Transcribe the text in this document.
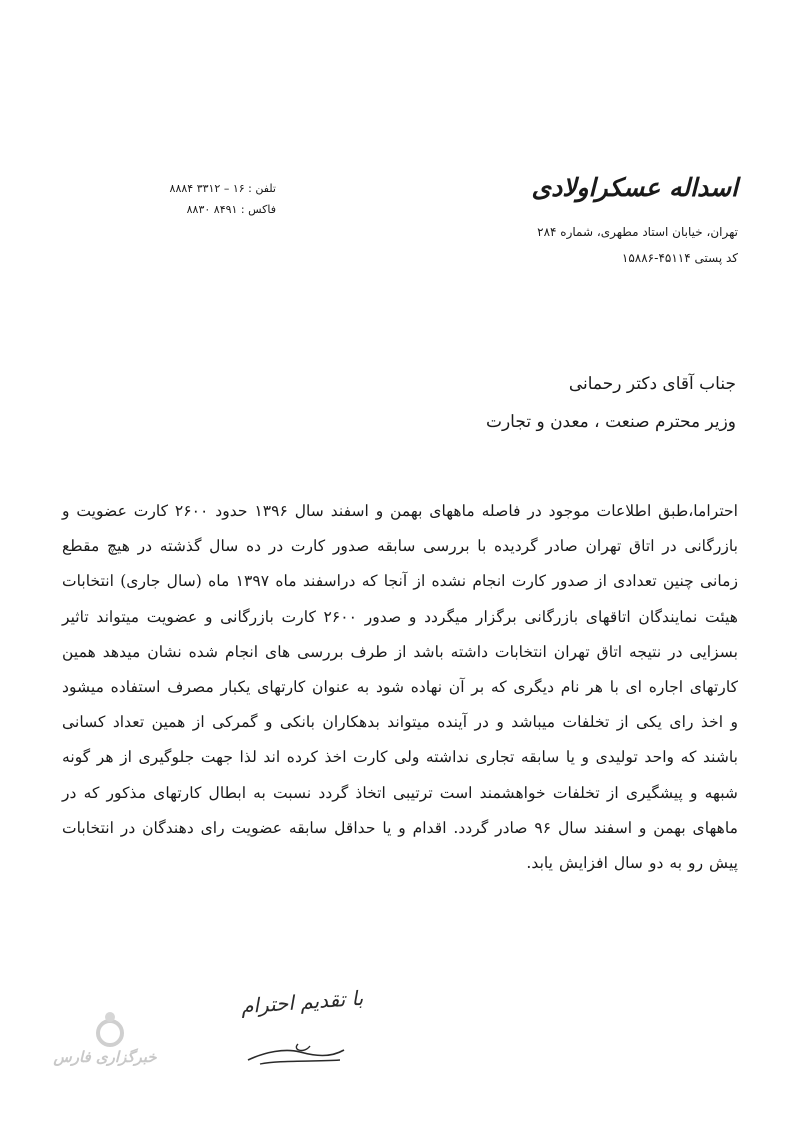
اسداله عسکراولادی
تهران، خیابان استاد مطهری، شماره ۲۸۴
کد پستی ۴۵۱۱۴-۱۵۸۸۶
تلفن : ۱۶ – ۳۳۱۲ ۸۸۸۴
فاکس : ۸۴۹۱ ۸۸۳۰
جناب آقای دکتر رحمانی
وزیر محترم صنعت ، معدن و تجارت
احتراما،طبق اطلاعات موجود در فاصله ماههای بهمن و اسفند سال ۱۳۹۶ حدود ۲۶۰۰ کارت عضویت و بازرگانی در اتاق تهران صادر گردیده با بررسی سابقه صدور کارت در ده سال گذشته در هیچ مقطع زمانی چنین تعدادی از صدور کارت انجام نشده از آنجا که دراسفند ماه ۱۳۹۷ ماه (سال جاری) انتخابات هیئت نمایندگان اتاقهای بازرگانی برگزار میگردد و صدور ۲۶۰۰ کارت بازرگانی و عضویت میتواند تاثیر بسزایی در نتیجه اتاق تهران انتخابات داشته باشد از طرف بررسی های انجام شده نشان میدهد همین کارتهای اجاره ای با هر نام دیگری که بر آن نهاده شود به عنوان کارتهای یکبار مصرف استفاده میشود و اخذ رای یکی از تخلفات میباشد و در آینده میتواند بدهکاران بانکی و گمرکی از همین تعداد کسانی باشند که واحد تولیدی و یا سابقه تجاری نداشته ولی کارت اخذ کرده اند لذا جهت جلوگیری از هر گونه شبهه و پیشگیری از تخلفات خواهشمند است ترتیبی اتخاذ گردد نسبت به ابطال کارتهای مذکور که در ماههای بهمن و اسفند سال ۹۶ صادر گردد. اقدام و یا حداقل سابقه عضویت رای دهندگان در انتخابات پیش رو به دو سال افزایش یابد.
با تقدیم احترام
خبرگزاری فارس
